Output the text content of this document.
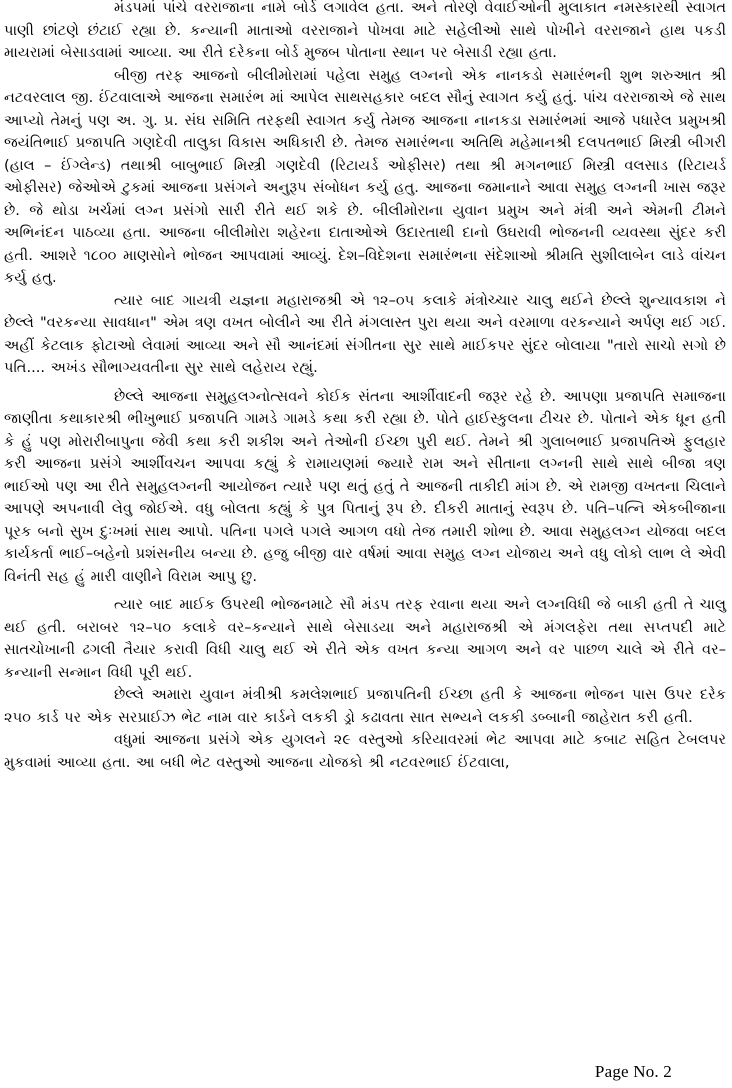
મંડપમાં પાંચે વરરાજાના નામે બોર્ડ લગાવેલ હતા. અને તોરણે વેવાઈઓની મુલાકાત નમસ્કારથી સ્વાગત પાણી છાંટણે છંટાઈ રહ્યા છે. કન્યાની માતાઓ વરરાજાને પોખવા માટે સહેલીઓ સાથે પોખીને વરરાજાને હાથ પકડી માયરામાં બેસાડવામાં આવ્યા. આ રીતે દરેકના બોર્ડ મુજબ પોતાના સ્થાન પર બેસાડી રહ્યા હતા.

બીજી તરફ આજનો બીલીમોરામાં પહેલા સમુહ લગ્નનો એક નાનકડો સમારંભની શુભ શરુઆત શ્રી નટવરલાલ જી. ઈંટવાલાએ આજના સમારંભ માં આપેલ સાથસહકાર બદલ સૌનું સ્વાગત કર્યુ હતું. પાંચ વરરાજાએ જે સાથ આપ્યો તેમનું પણ અ. ગુ. પ્ર. સંઘ સમિતિ તરફથી સ્વાગત કર્યુ તેમજ આજના નાનકડા સમારંભમાં આજે પધારેલ પ્રમુખશ્રી જયંતિભાઈ પ્રજાપતિ ગણદેવી તાલુકા વિકાસ અધિકારી છે. તેમજ સમારંભના અતિથિ મહેમાનશ્રી દલપતભાઈ મિસ્ત્રી બીગરી (હાલ – ઈંગ્લેન્ડ) તથાશ્રી બાબુભાઈ મિસ્ત્રી ગણદેવી (રિટાયર્ડ ઓફીસર) તથા શ્રી મગનભાઈ મિસ્ત્રી વલસાડ (રિટાયર્ડ ઓફીસર) જેઓએ ટુકમાં આજના પ્રસંગને અનુરૂપ સંબોધન કર્યુ હતુ. આજના જમાનાને આવા સમુહ લગ્નની ખાસ જરૂર છે. જે થોડા ખર્ચમાં લગ્ન પ્રસંગો સારી રીતે થઈ શકે છે. બીલીમોરાના યુવાન પ્રમુખ અને મંત્રી અને એમની ટીમને અભિનંદન પાઠવ્યા હતા. આજના બીલીમોરા શહેરના દાતાઓએ ઉદારતાથી દાનો ઉઘરાવી ભોજનની વ્યવસ્થા સુંદર કરી હતી. આશરે ૧૮૦૦ માણસોને ભોજન આપવામાં આવ્યું. દેશ–વિદેશના સમારંભના સંદેશાઓ શ્રીમતિ સુશીલાબેન લાડે વાંચન કર્યુ હતુ.

ત્યાર બાદ ગાયત્રી યજ્ઞના મહારાજશ્રી એ ૧૨–૦૫ કલાકે મંત્રોચ્ચાર ચાલુ થઈને છેલ્લે શુન્યાવકાશ ને છેલ્લે "વરકન્યા સાવધાન" એમ ત્રણ વખત બોલીને આ રીતે મંગલાસ્ત પુરા થયા અને વરમાળા વરકન્યાને અર્પણ થઈ ગઈ. અહીં કેટલાક ફોટાઓ લેવામાં આવ્યા અને સૌ આનંદમાં સંગીતના સુર સાથે માઈકપર સુંદર બોલાયા "તારો સાચો સગો છે પતિ.... અખંડ સૌભાગ્યવતીના સુર સાથે લહેરાય રહ્યું.

છેલ્લે આજના સમુહલગ્નોત્સવને કોઈક સંતના આર્શીવાદની જરૂર રહે છે. આપણા પ્રજાપતિ સમાજના જાણીતા કથાકારશ્રી ભીખુભાઈ પ્રજાપતિ ગામડે ગામડે કથા કરી રહ્યા છે. પોતે હાઈસ્કુલના ટીચર છે. પોતાને એક ધૂન હતી કે હું પણ મોરારીબાપુના જેવી કથા કરી શકીશ અને તેઓની ઈચ્છા પુરી થઈ. તેમને શ્રી ગુલાબભાઈ પ્રજાપતિએ ફુલહાર કરી આજના પ્રસંગે આર્શીવચન આપવા કહ્યું કે રામાયણમાં જ્યારે રામ અને સીતાના લગ્નની સાથે સાથે બીજા ત્રણ ભાઈઓ પણ આ રીતે સમુહલગ્નની આયોજન ત્યારે પણ થતું હતું તે આજની તાકીદી માંગ છે. એ રામજી વખતના ચિલાને આપણે અપનાવી લેવુ જોઈએ. વધુ બોલતા કહ્યું કે પુત્ર પિતાનું રૂપ છે. દીકરી માતાનું સ્વરૂપ છે. પતિ–પત્નિ એકબીજાના પૂરક બનો સુખ દુઃખમાં સાથ આપો. પતિના પગલે પગલે આગળ વધો તેજ તમારી શોભા છે. આવા સમુહલગ્ન યોજવા બદલ કાર્યકર્તા ભાઈ–બહેનો પ્રશંસનીય બન્યા છે. હજુ બીજી વાર વર્ષમાં આવા સમુહ લગ્ન યોજાય અને વધુ લોકો લાભ લે એવી વિનંતી સહ હું મારી વાણીને વિરામ આપુ છુ.

ત્યાર બાદ માઈક ઉપરથી ભોજનમાટે સૌ મંડપ તરફ રવાના થયા અને લગ્નવિધી જે બાકી હતી તે ચાલુ થઈ હતી. બરાબર ૧૨–૫૦ કલાકે વર–કન્યાને સાથે બેસાડયા અને મહારાજશ્રી એ મંગલફેરા તથા સપ્તપદી માટે સાતચોખાની ઢગલી તૈયાર કરાવી વિધી ચાલુ થઈ એ રીતે એક વખત કન્યા આગળ અને વર પાછળ ચાલે એ રીતે વર–કન્યાની સન્માન વિધી પૂરી થઈ.

છેલ્લે અમારા યુવાન મંત્રીશ્રી કમલેશભાઈ પ્રજાપતિની ઈચ્છા હતી કે આજના ભોજન પાસ ઉપર દરેક ૨૫૦ કાર્ડ પર એક સરપ્રાઈઝ ભેટ નામ વાર કાર્ડને લકકી ડ્રો કઢાવતા સાત સભ્યને લકકી ડબ્બાની જાહેરાત કરી હતી.

વધુમાં આજના પ્રસંગે એક યુગલને ૨૯ વસ્તુઓ કરિયાવરમાં ભેટ આપવા માટે કબાટ સહિત ટેબલપર મુકવામાં આવ્યા હતા. આ બધી ભેટ વસ્તુઓ આજના યોજકો શ્રી નટવરભાઈ ઈંટવાલા,

Page No. 2
